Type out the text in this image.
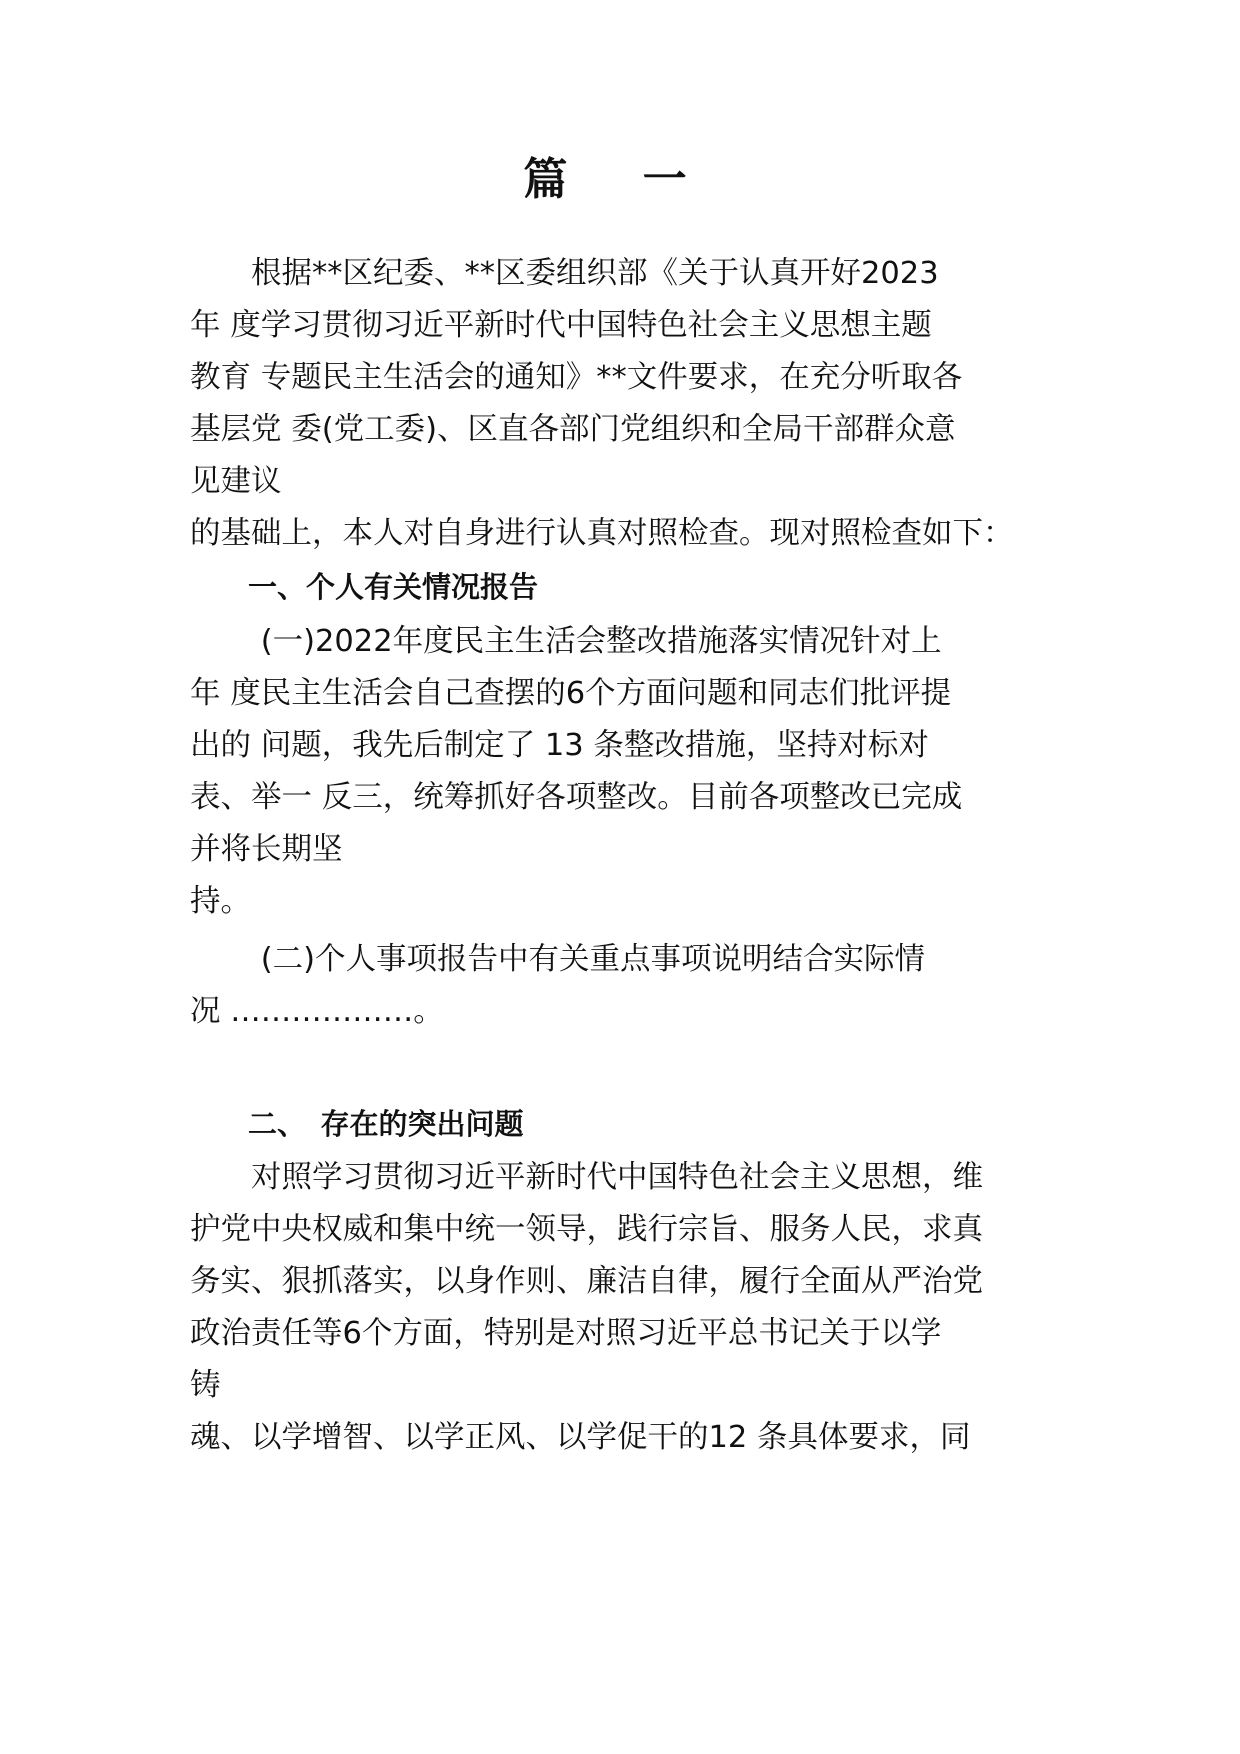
篇 一
　　根据**区纪委、**区委组织部《关于认真开好2023
年 度学习贯彻习近平新时代中国特色社会主义思想主题
教育 专题民主生活会的通知》**文件要求，在充分听取各
基层党 委(党工委)、区直各部门党组织和全局干部群众意
见建议
的基础上，本人对自身进行认真对照检查。现对照检查如下：
　　一、个人有关情况报告
　　 (一)2022年度民主生活会整改措施落实情况针对上
年 度民主生活会自己查摆的6个方面问题和同志们批评提
出的 问题，我先后制定了 13 条整改措施，坚持对标对
表、举一 反三，统筹抓好各项整改。目前各项整改已完成
并将长期坚
持。
　　 (二)个人事项报告中有关重点事项说明结合实际情
况 ………………。
　　二、　存在的突出问题
　　对照学习贯彻习近平新时代中国特色社会主义思想，维
护党中央权威和集中统一领导，践行宗旨、服务人民，求真
务实、狠抓落实，以身作则、廉洁自律，履行全面从严治党
政治责任等6个方面，特别是对照习近平总书记关于以学
铸
魂、以学增智、以学正风、以学促干的12 条具体要求，同
